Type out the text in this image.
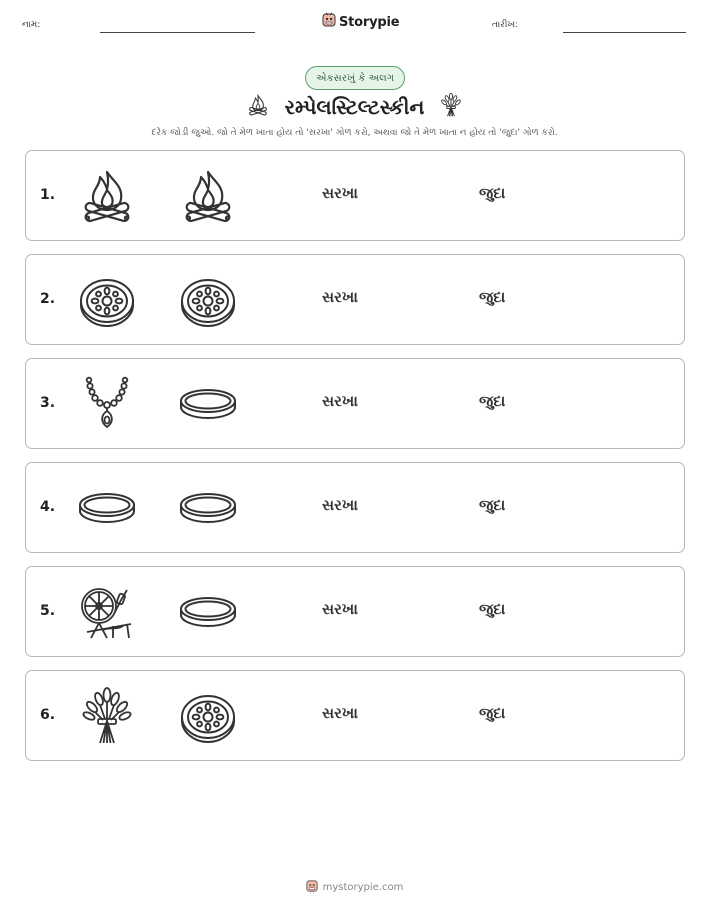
નામ:	Storypie	તારીખ:
એકસરખું કે અલગ
રમ્પેલસ્ટિલ્ટસ્કીન
દરેક જોડી જુઓ. જો તે મેળ ખાતા હોય તો 'સરખા' ગોળ કરો, અથવા જો તે મેળ ખાતા ન હોય તો 'જુદા' ગોળ કરો.
1.	સરખા	જુદા
2.	સરખા	જુદા
3.	સરખા	જુદા
4.	સરખા	જુદા
5.	સરખા	જુદા
6.	સરખા	જુદા
mystorypie.com
